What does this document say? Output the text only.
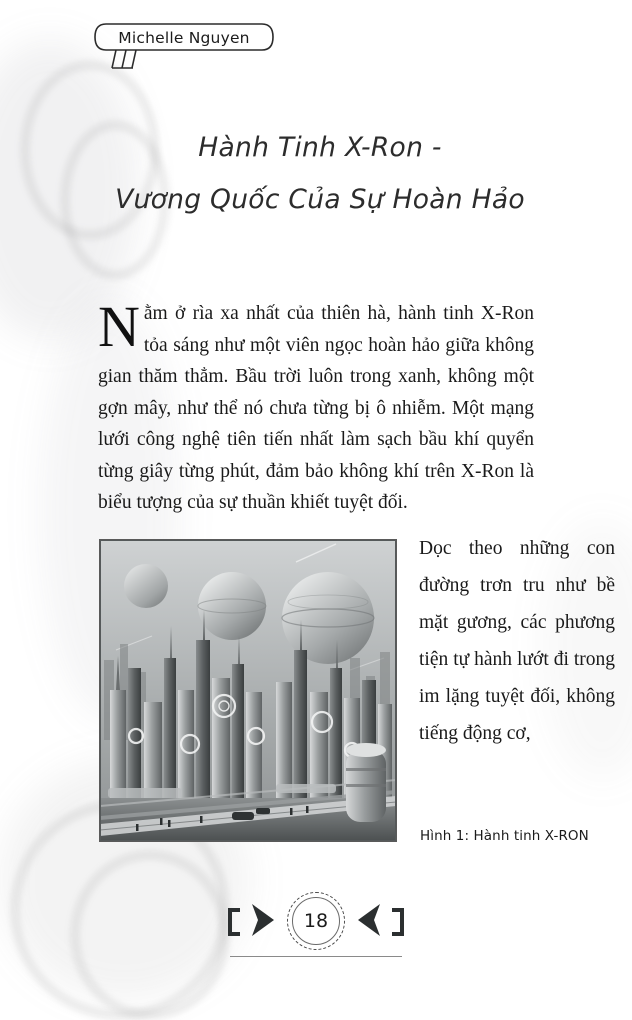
Michelle Nguyen
Hành Tinh X-Ron -
Vương Quốc Của Sự Hoàn Hảo
Nằm ở rìa xa nhất của thiên hà, hành tinh X-Ron tỏa sáng như một viên ngọc hoàn hảo giữa không gian thăm thẳm. Bầu trời luôn trong xanh, không một gợn mây, như thể nó chưa từng bị ô nhiễm. Một mạng lưới công nghệ tiên tiến nhất làm sạch bầu khí quyển từng giây từng phút, đảm bảo không khí trên X-Ron là biểu tượng của sự thuần khiết tuyệt đối.
Hình 1: Hành tinh X-RON
Dọc theo những con đường trơn tru như bề mặt gương, các phương tiện tự hành lướt đi trong im lặng tuyệt đối, không tiếng động cơ,
18
